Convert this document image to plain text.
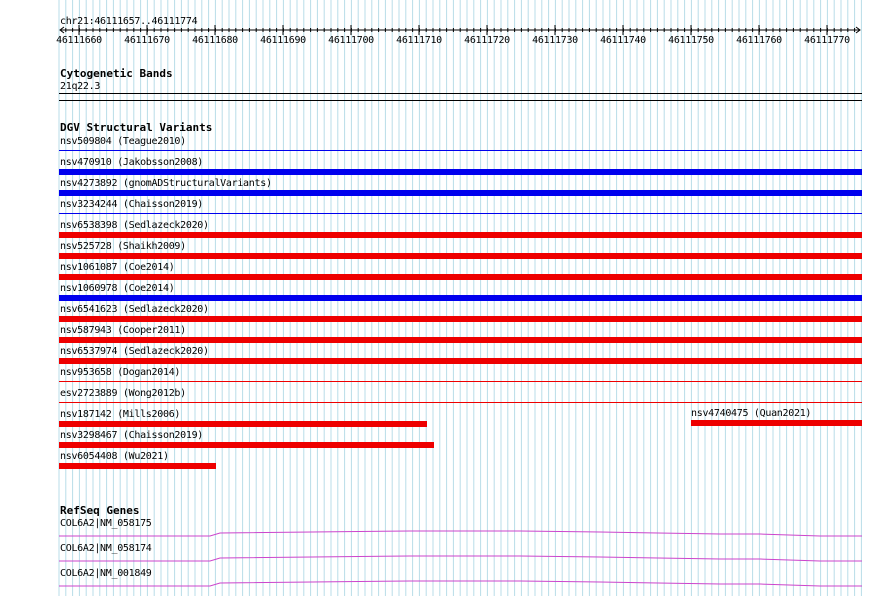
chr21:46111657..46111774
46111660 46111670 46111680 46111690 46111700 46111710 46111720 46111730 46111740 46111750 46111760 46111770
Cytogenetic Bands
21q22.3
DGV Structural Variants
nsv509804 (Teague2010)
nsv470910 (Jakobsson2008)
nsv4273892 (gnomADStructuralVariants)
nsv3234244 (Chaisson2019)
nsv6538398 (Sedlazeck2020)
nsv525728 (Shaikh2009)
nsv1061087 (Coe2014)
nsv1060978 (Coe2014)
nsv6541623 (Sedlazeck2020)
nsv587943 (Cooper2011)
nsv6537974 (Sedlazeck2020)
nsv953658 (Dogan2014)
esv2723889 (Wong2012b)
nsv187142 (Mills2006)
nsv3298467 (Chaisson2019)
nsv6054408 (Wu2021)
nsv4740475 (Quan2021)
RefSeq Genes
COL6A2|NM_058175
COL6A2|NM_058174
COL6A2|NM_001849
